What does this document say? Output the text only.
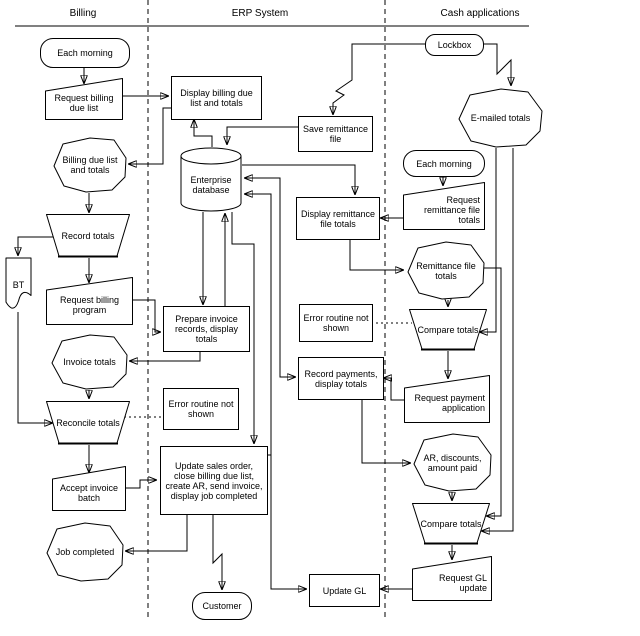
Billing	ERP System	Cash applications
Each morning
Request billing due list
Billing due list and totals
Record totals
BT
Request billing program
Invoice totals
Reconcile totals
Accept invoice batch
Job completed
Display billing due list and totals
Save remittance file
Enterprise database
Display remittance file totals
Prepare invoice records, display totals
Error routine not shown
Error routine not shown
Record payments, display totals
Update sales order, close billing due list, create AR, send invoice, display job completed
Update GL
Customer
Lockbox
E-mailed totals
Each morning
Request remittance file totals
Remittance file totals
Compare totals
Request payment application
AR, discounts, amount paid
Compare totals
Request GL update
